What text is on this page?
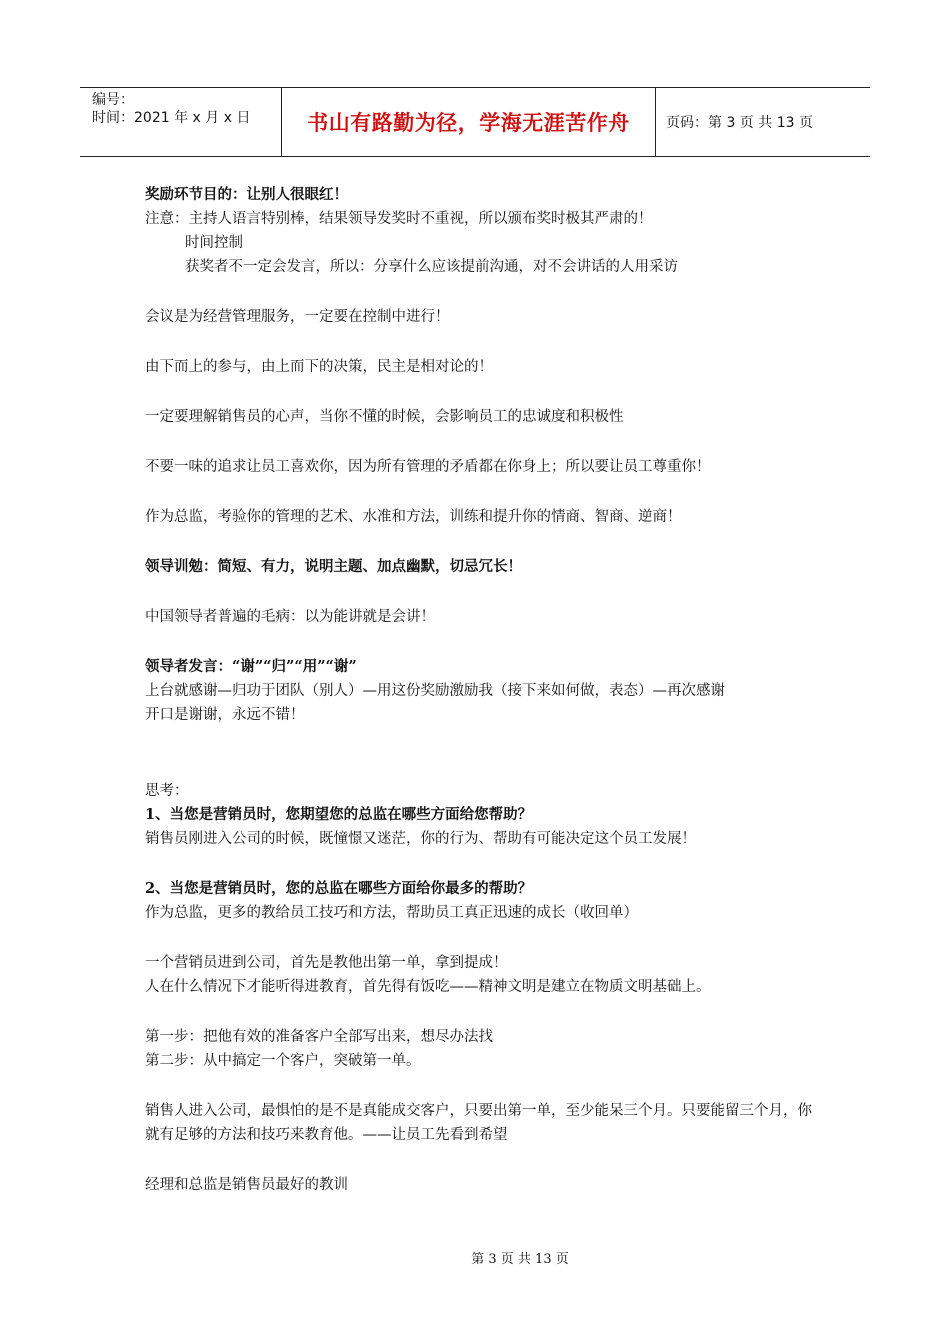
编号：
时间：2021 年 x 月 x 日	书山有路勤为径，学海无涯苦作舟	页码：第 3 页 共 13 页

奖励环节目的：让别人很眼红！

注意：主持人语言特别棒，结果领导发奖时不重视，所以颁布奖时极其严肃的！

时间控制

获奖者不一定会发言，所以：分享什么应该提前沟通，对不会讲话的人用采访

会议是为经营管理服务，一定要在控制中进行！

由下而上的参与，由上而下的决策，民主是相对论的！

一定要理解销售员的心声，当你不懂的时候，会影响员工的忠诚度和积极性

不要一味的追求让员工喜欢你，因为所有管理的矛盾都在你身上；所以要让员工尊重你！

作为总监，考验你的管理的艺术、水准和方法，训练和提升你的情商、智商、逆商！

领导训勉：简短、有力，说明主题、加点幽默，切忌冗长！

中国领导者普遍的毛病：以为能讲就是会讲！

领导者发言：“谢”“归”“用”“谢”

上台就感谢—归功于团队（别人）—用这份奖励激励我（接下来如何做，表态）—再次感谢

开口是谢谢，永远不错！

思考：

1、当您是营销员时，您期望您的总监在哪些方面给您帮助？

销售员刚进入公司的时候，既憧憬又迷茫，你的行为、帮助有可能决定这个员工发展！

2、当您是营销员时，您的总监在哪些方面给你最多的帮助？

作为总监，更多的教给员工技巧和方法，帮助员工真正迅速的成长（收回单）

一个营销员进到公司，首先是教他出第一单，拿到提成！

人在什么情况下才能听得进教育，首先得有饭吃——精神文明是建立在物质文明基础上。

第一步：把他有效的准备客户全部写出来，想尽办法找

第二步：从中搞定一个客户，突破第一单。

销售人进入公司，最惧怕的是不是真能成交客户，只要出第一单，至少能呆三个月。只要能留三个月，你就有足够的方法和技巧来教育他。——让员工先看到希望

经理和总监是销售员最好的教训

第 3 页 共 13 页
